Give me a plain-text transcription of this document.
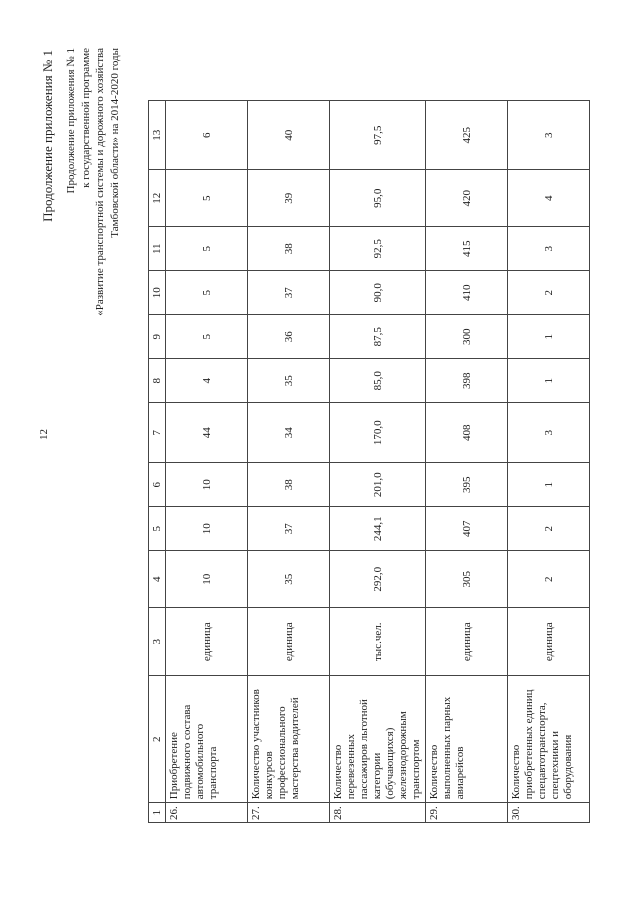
12
Продолжение приложения № 1 Продолжение приложения № 1 к государственной программе «Развитие транспортной системы и дорожного хозяйства Тамбовской области» на 2014-2020 годы
1	2	3	4	5	6	7	8	9	10	11	12	13
26.	Приобретение подвижного состава автомобильного транспорта	единица	10	10	10	44	4	5	5	5	5	6
27.	Количество участников конкурсов профессионального мастерства водителей	единица	35	37	38	34	35	36	37	38	39	40
28.	Количество перевезенных пассажиров льготной категории (обучающихся) железнодорожным транспортом	тыс.чел.	292,0	244,1	201,0	170,0	85,0	87,5	90,0	92,5	95,0	97,5
29.	Количество выполненных парных авиарейсов	единица	305	407	395	408	398	300	410	415	420	425
30.	Количество приобретенных единиц спецавтотранспорта, спецтехники и оборудования	единица	2	2	1	3	1	1	2	3	4	3
